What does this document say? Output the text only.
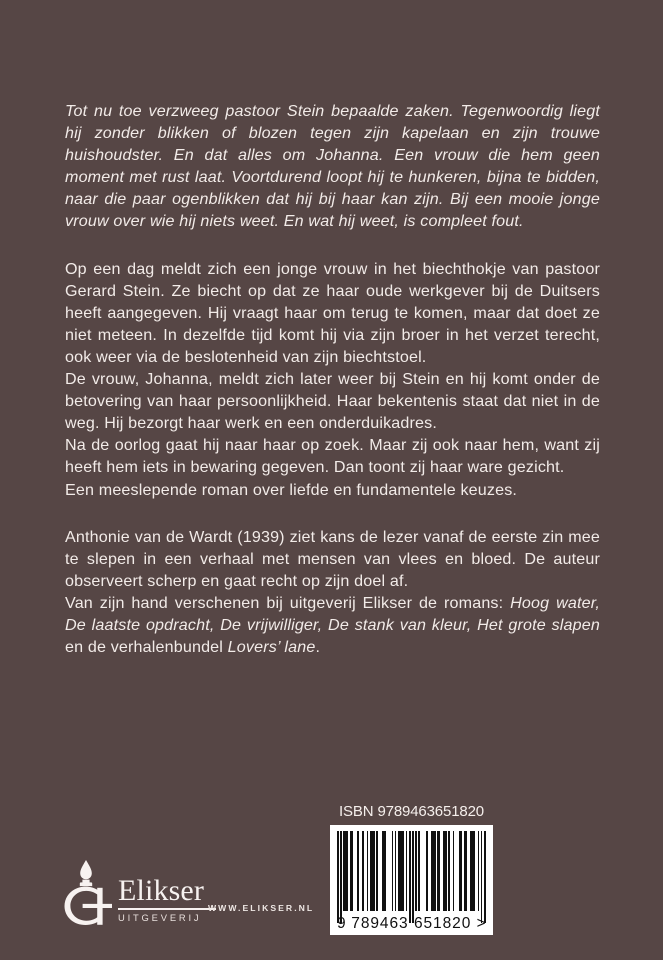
Tot nu toe verzweeg pastoor Stein bepaalde zaken. Tegenwoordig liegt hij zonder blikken of blozen tegen zijn kapelaan en zijn trouwe huishoudster. En dat alles om Johanna. Een vrouw die hem geen moment met rust laat. Voortdurend loopt hij te hunkeren, bijna te bidden, naar die paar ogenblikken dat hij bij haar kan zijn. Bij een mooie jonge vrouw over wie hij niets weet. En wat hij weet, is compleet fout.

Op een dag meldt zich een jonge vrouw in het biechthokje van pastoor Gerard Stein. Ze biecht op dat ze haar oude werkgever bij de Duitsers heeft aangegeven. Hij vraagt haar om terug te komen, maar dat doet ze niet meteen. In dezelfde tijd komt hij via zijn broer in het verzet terecht, ook weer via de beslotenheid van zijn biechtstoel.
De vrouw, Johanna, meldt zich later weer bij Stein en hij komt onder de betovering van haar persoonlijkheid. Haar bekentenis staat dat niet in de weg. Hij bezorgt haar werk en een onderduikadres.
Na de oorlog gaat hij naar haar op zoek. Maar zij ook naar hem, want zij heeft hem iets in bewaring gegeven. Dan toont zij haar ware gezicht.
Een meeslepende roman over liefde en fundamentele keuzes.

Anthonie van de Wardt (1939) ziet kans de lezer vanaf de eerste zin mee te slepen in een verhaal met mensen van vlees en bloed. De auteur observeert scherp en gaat recht op zijn doel af.
Van zijn hand verschenen bij uitgeverij Elikser de romans: Hoog water, De laatste opdracht, De vrijwilliger, De stank van kleur, Het grote slapen en de verhalenbundel Lovers’ lane.

Elikser
UITGEVERIJ
WWW.ELIKSER.NL
ISBN 9789463651820
9 789463 651820 >
